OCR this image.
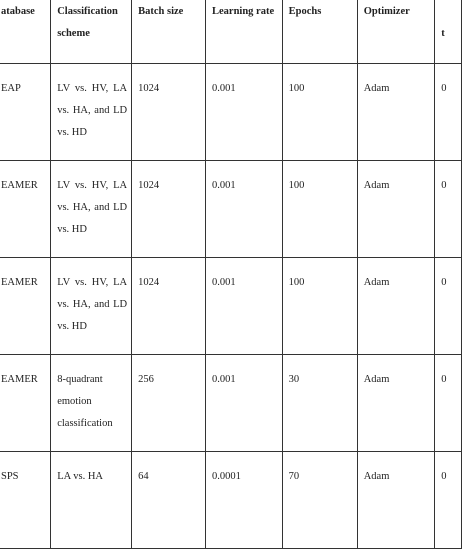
atabase	Classification scheme	Batch size	Learning rate	Epochs	Optimizer	t

EAP	LV vs. HV, LA vs. HA, and LD vs. HD	1024	0.001	100	Adam	0

EAMER	LV vs. HV, LA vs. HA, and LD vs. HD	1024	0.001	100	Adam	0

EAMER	LV vs. HV, LA vs. HA, and LD vs. HD	1024	0.001	100	Adam	0

EAMER	8-quadrant emotion classification	256	0.001	30	Adam	0

SPS	LA vs. HA	64	0.0001	70	Adam	0
